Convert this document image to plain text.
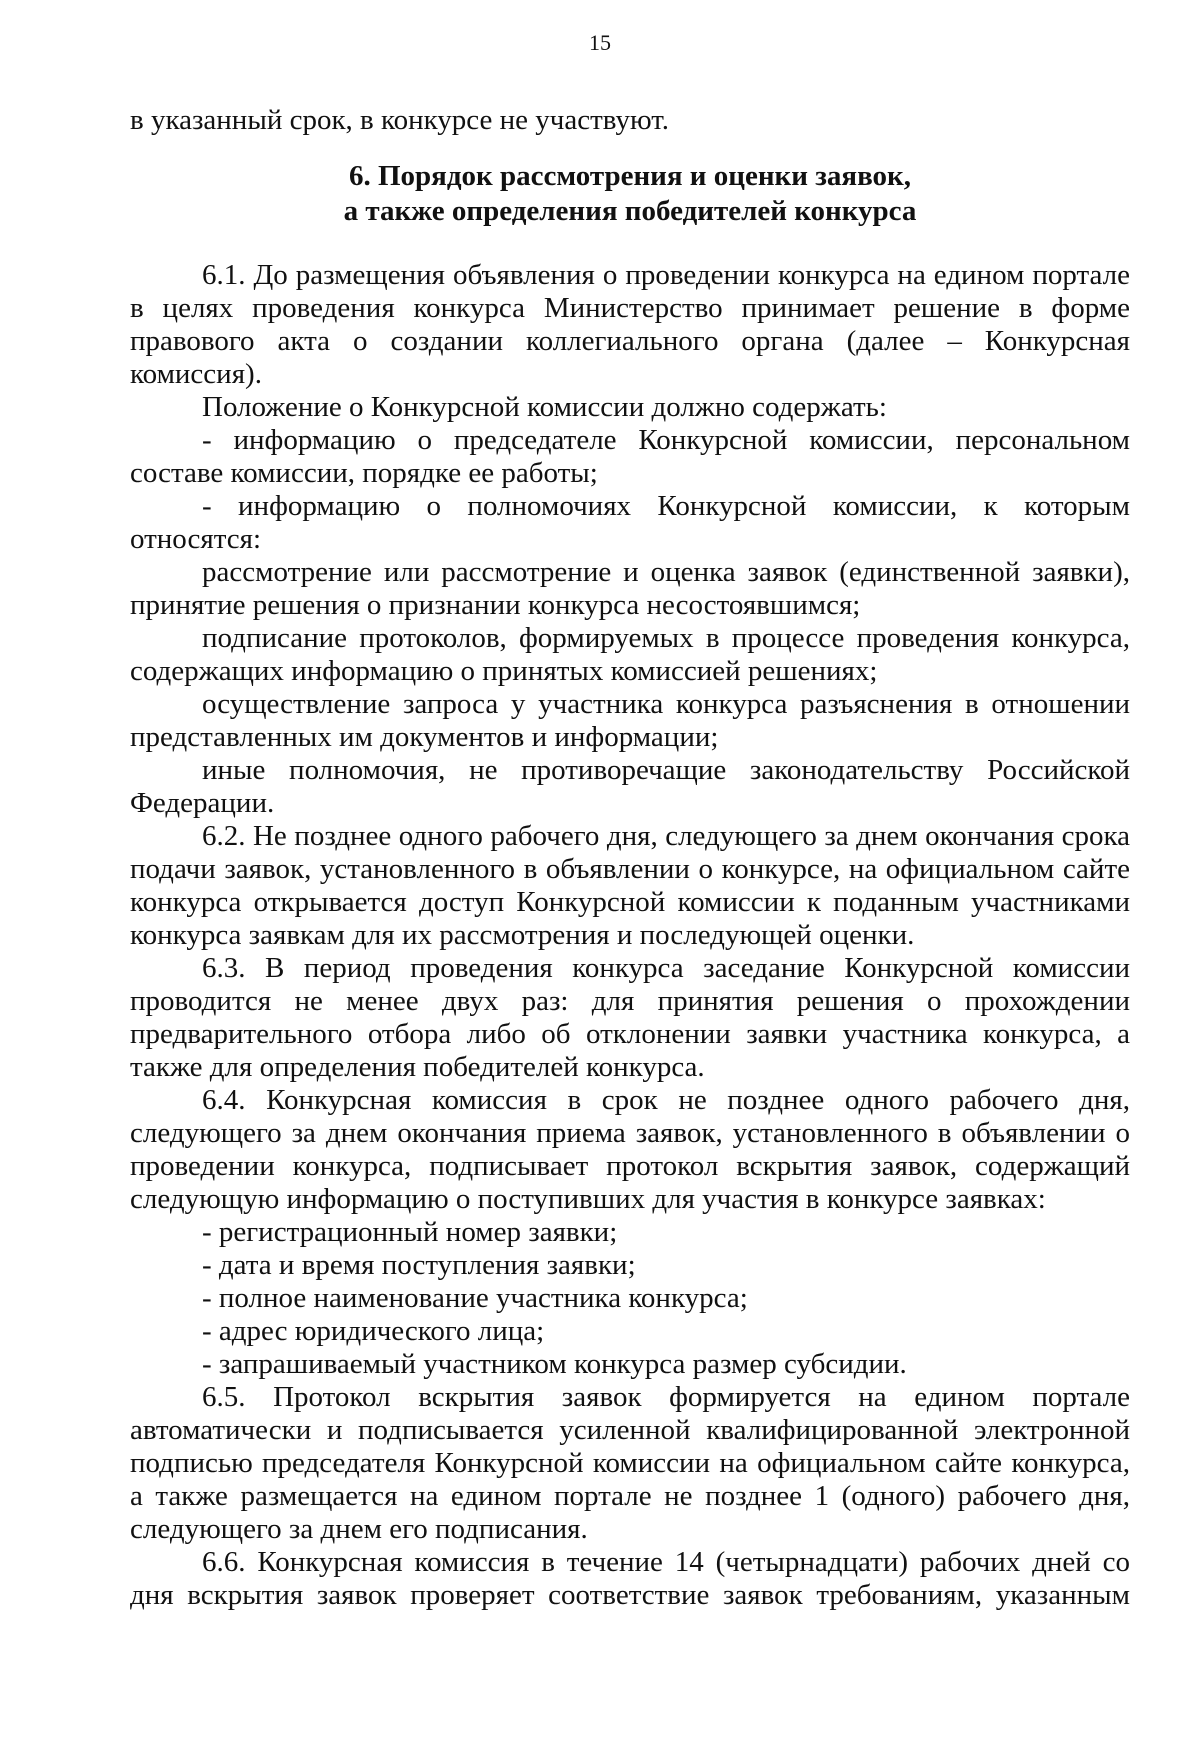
15

в указанный срок, в конкурсе не участвуют.

6. Порядок рассмотрения и оценки заявок,
а также определения победителей конкурса

6.1. До размещения объявления о проведении конкурса на едином портале в целях проведения конкурса Министерство принимает решение в форме правового акта о создании коллегиального органа (далее – Конкурсная комиссия).

Положение о Конкурсной комиссии должно содержать:

- информацию о председателе Конкурсной комиссии, персональном составе комиссии, порядке ее работы;

- информацию о полномочиях Конкурсной комиссии, к которым относятся:

рассмотрение или рассмотрение и оценка заявок (единственной заявки), принятие решения о признании конкурса несостоявшимся;

подписание протоколов, формируемых в процессе проведения конкурса, содержащих информацию о принятых комиссией решениях;

осуществление запроса у участника конкурса разъяснения в отношении представленных им документов и информации;

иные полномочия, не противоречащие законодательству Российской Федерации.

6.2. Не позднее одного рабочего дня, следующего за днем окончания срока подачи заявок, установленного в объявлении о конкурсе, на официальном сайте конкурса открывается доступ Конкурсной комиссии к поданным участниками конкурса заявкам для их рассмотрения и последующей оценки.

6.3. В период проведения конкурса заседание Конкурсной комиссии проводится не менее двух раз: для принятия решения о прохождении предварительного отбора либо об отклонении заявки участника конкурса, а также для определения победителей конкурса.

6.4. Конкурсная комиссия в срок не позднее одного рабочего дня, следующего за днем окончания приема заявок, установленного в объявлении о проведении конкурса, подписывает протокол вскрытия заявок, содержащий следующую информацию о поступивших для участия в конкурсе заявках:

- регистрационный номер заявки;

- дата и время поступления заявки;

- полное наименование участника конкурса;

- адрес юридического лица;

- запрашиваемый участником конкурса размер субсидии.

6.5. Протокол вскрытия заявок формируется на едином портале автоматически и подписывается усиленной квалифицированной электронной подписью председателя Конкурсной комиссии на официальном сайте конкурса, а также размещается на едином портале не позднее 1 (одного) рабочего дня, следующего за днем его подписания.

6.6. Конкурсная комиссия в течение 14 (четырнадцати) рабочих дней со дня вскрытия заявок проверяет соответствие заявок требованиям, указанным
